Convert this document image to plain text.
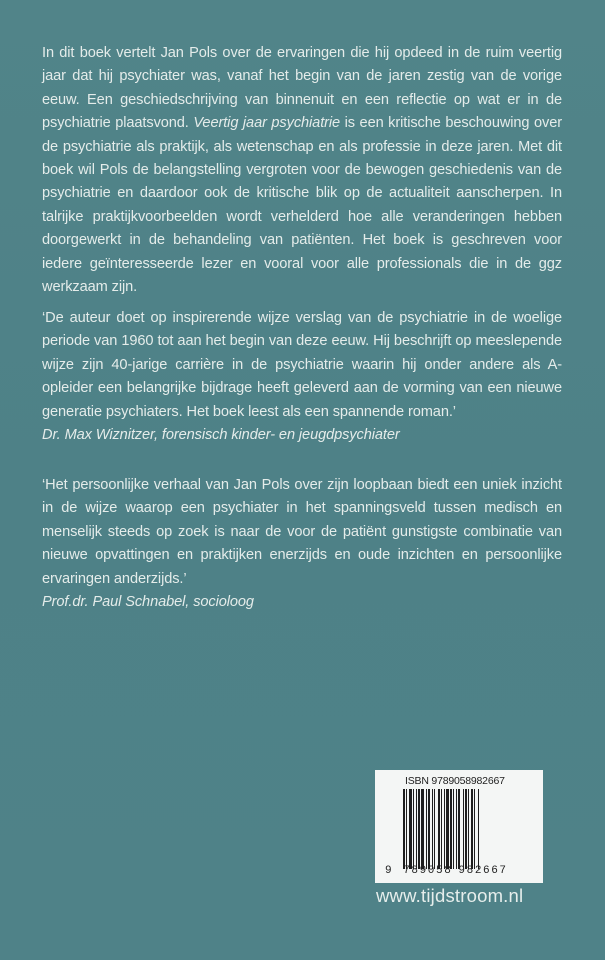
In dit boek vertelt Jan Pols over de ervaringen die hij opdeed in de ruim veertig jaar dat hij psychiater was, vanaf het begin van de jaren zestig van de vorige eeuw. Een geschiedschrijving van binnenuit en een reflectie op wat er in de psychiatrie plaatsvond. Veertig jaar psychiatrie is een kritische beschouwing over de psychiatrie als praktijk, als wetenschap en als professie in deze jaren. Met dit boek wil Pols de belangstelling vergroten voor de bewogen geschiedenis van de psychiatrie en daardoor ook de kritische blik op de actualiteit aanscherpen. In talrijke praktijkvoorbeelden wordt verhelderd hoe alle veranderingen hebben doorgewerkt in de behandeling van patiënten. Het boek is geschreven voor iedere geïnteresseerde lezer en vooral voor alle professionals die in de ggz werkzaam zijn.

‘De auteur doet op inspirerende wijze verslag van de psychiatrie in de woelige periode van 1960 tot aan het begin van deze eeuw. Hij beschrijft op meeslepende wijze zijn 40-jarige carrière in de psychiatrie waarin hij onder andere als A-opleider een belangrijke bijdrage heeft geleverd aan de vorming van een nieuwe generatie psychiaters. Het boek leest als een spannende roman.’

Dr. Max Wiznitzer, forensisch kinder- en jeugdpsychiater

‘Het persoonlijke verhaal van Jan Pols over zijn loopbaan biedt een uniek inzicht in de wijze waarop een psychiater in het spanningsveld tussen medisch en menselijk steeds op zoek is naar de voor de patiënt gunstigste combinatie van nieuwe opvattingen en praktijken enerzijds en oude inzichten en persoonlijke ervaringen anderzijds.’

Prof.dr. Paul Schnabel, socioloog

ISBN 9789058982667
9 789058 982667
www.tijdstroom.nl
